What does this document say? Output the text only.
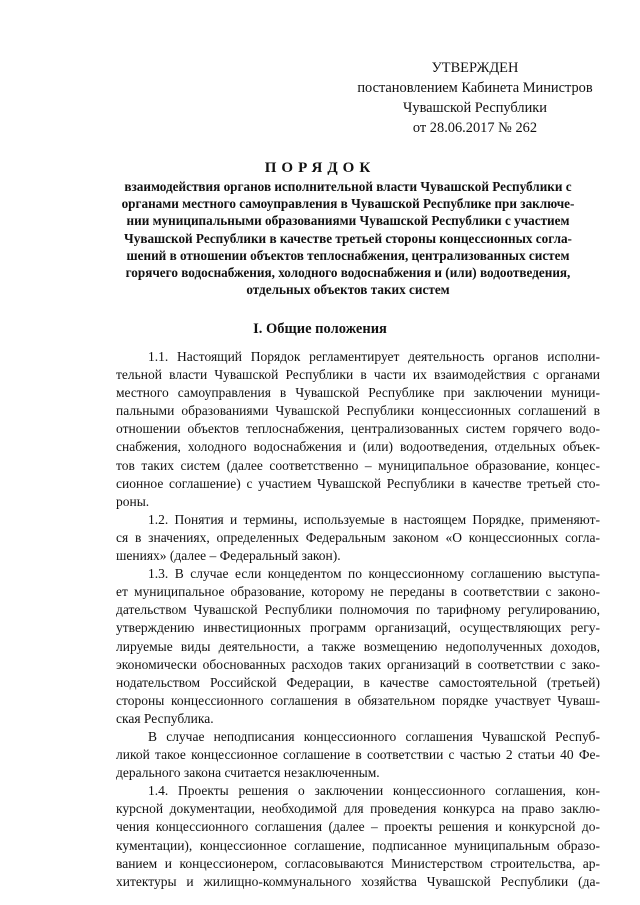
УТВЕРЖДЕН
постановлением Кабинета Министров
Чувашской Республики
от 28.06.2017 № 262
ПОРЯДОК
взаимодействия органов исполнительной власти Чувашской Республики с
органами местного самоуправления в Чувашской Республике при заключе-
нии муниципальными образованиями Чувашской Республики с участием
Чувашской Республики в качестве третьей стороны концессионных согла-
шений в отношении объектов теплоснабжения, централизованных систем
горячего водоснабжения, холодного водоснабжения и (или) водоотведения,
отдельных объектов таких систем
I. Общие положения
1.1. Настоящий Порядок регламентирует деятельность органов исполни-
тельной власти Чувашской Республики в части их взаимодействия с органами
местного самоуправления в Чувашской Республике при заключении муници-
пальными образованиями Чувашской Республики концессионных соглашений в
отношении объектов теплоснабжения, централизованных систем горячего водо-
снабжения, холодного водоснабжения и (или) водоотведения, отдельных объек-
тов таких систем (далее соответственно – муниципальное образование, концес-
сионное соглашение) с участием Чувашской Республики в качестве третьей сто-
роны.
1.2. Понятия и термины, используемые в настоящем Порядке, применяют-
ся в значениях, определенных Федеральным законом «О концессионных согла-
шениях» (далее – Федеральный закон).
1.3. В случае если концедентом по концессионному соглашению выступа-
ет муниципальное образование, которому не переданы в соответствии с законо-
дательством Чувашской Республики полномочия по тарифному регулированию,
утверждению инвестиционных программ организаций, осуществляющих регу-
лируемые виды деятельности, а также возмещению недополученных доходов,
экономически обоснованных расходов таких организаций в соответствии с зако-
нодательством Российской Федерации, в качестве самостоятельной (третьей)
стороны концессионного соглашения в обязательном порядке участвует Чуваш-
ская Республика.
В случае неподписания концессионного соглашения Чувашской Респуб-
ликой такое концессионное соглашение в соответствии с частью 2 статьи 40 Фе-
дерального закона считается незаключенным.
1.4. Проекты решения о заключении концессионного соглашения, кон-
курсной документации, необходимой для проведения конкурса на право заклю-
чения концессионного соглашения (далее – проекты решения и конкурсной до-
кументации), концессионное соглашение, подписанное муниципальным образо-
ванием и концессионером, согласовываются Министерством строительства, ар-
хитектуры и жилищно-коммунального хозяйства Чувашской Республики (да-
